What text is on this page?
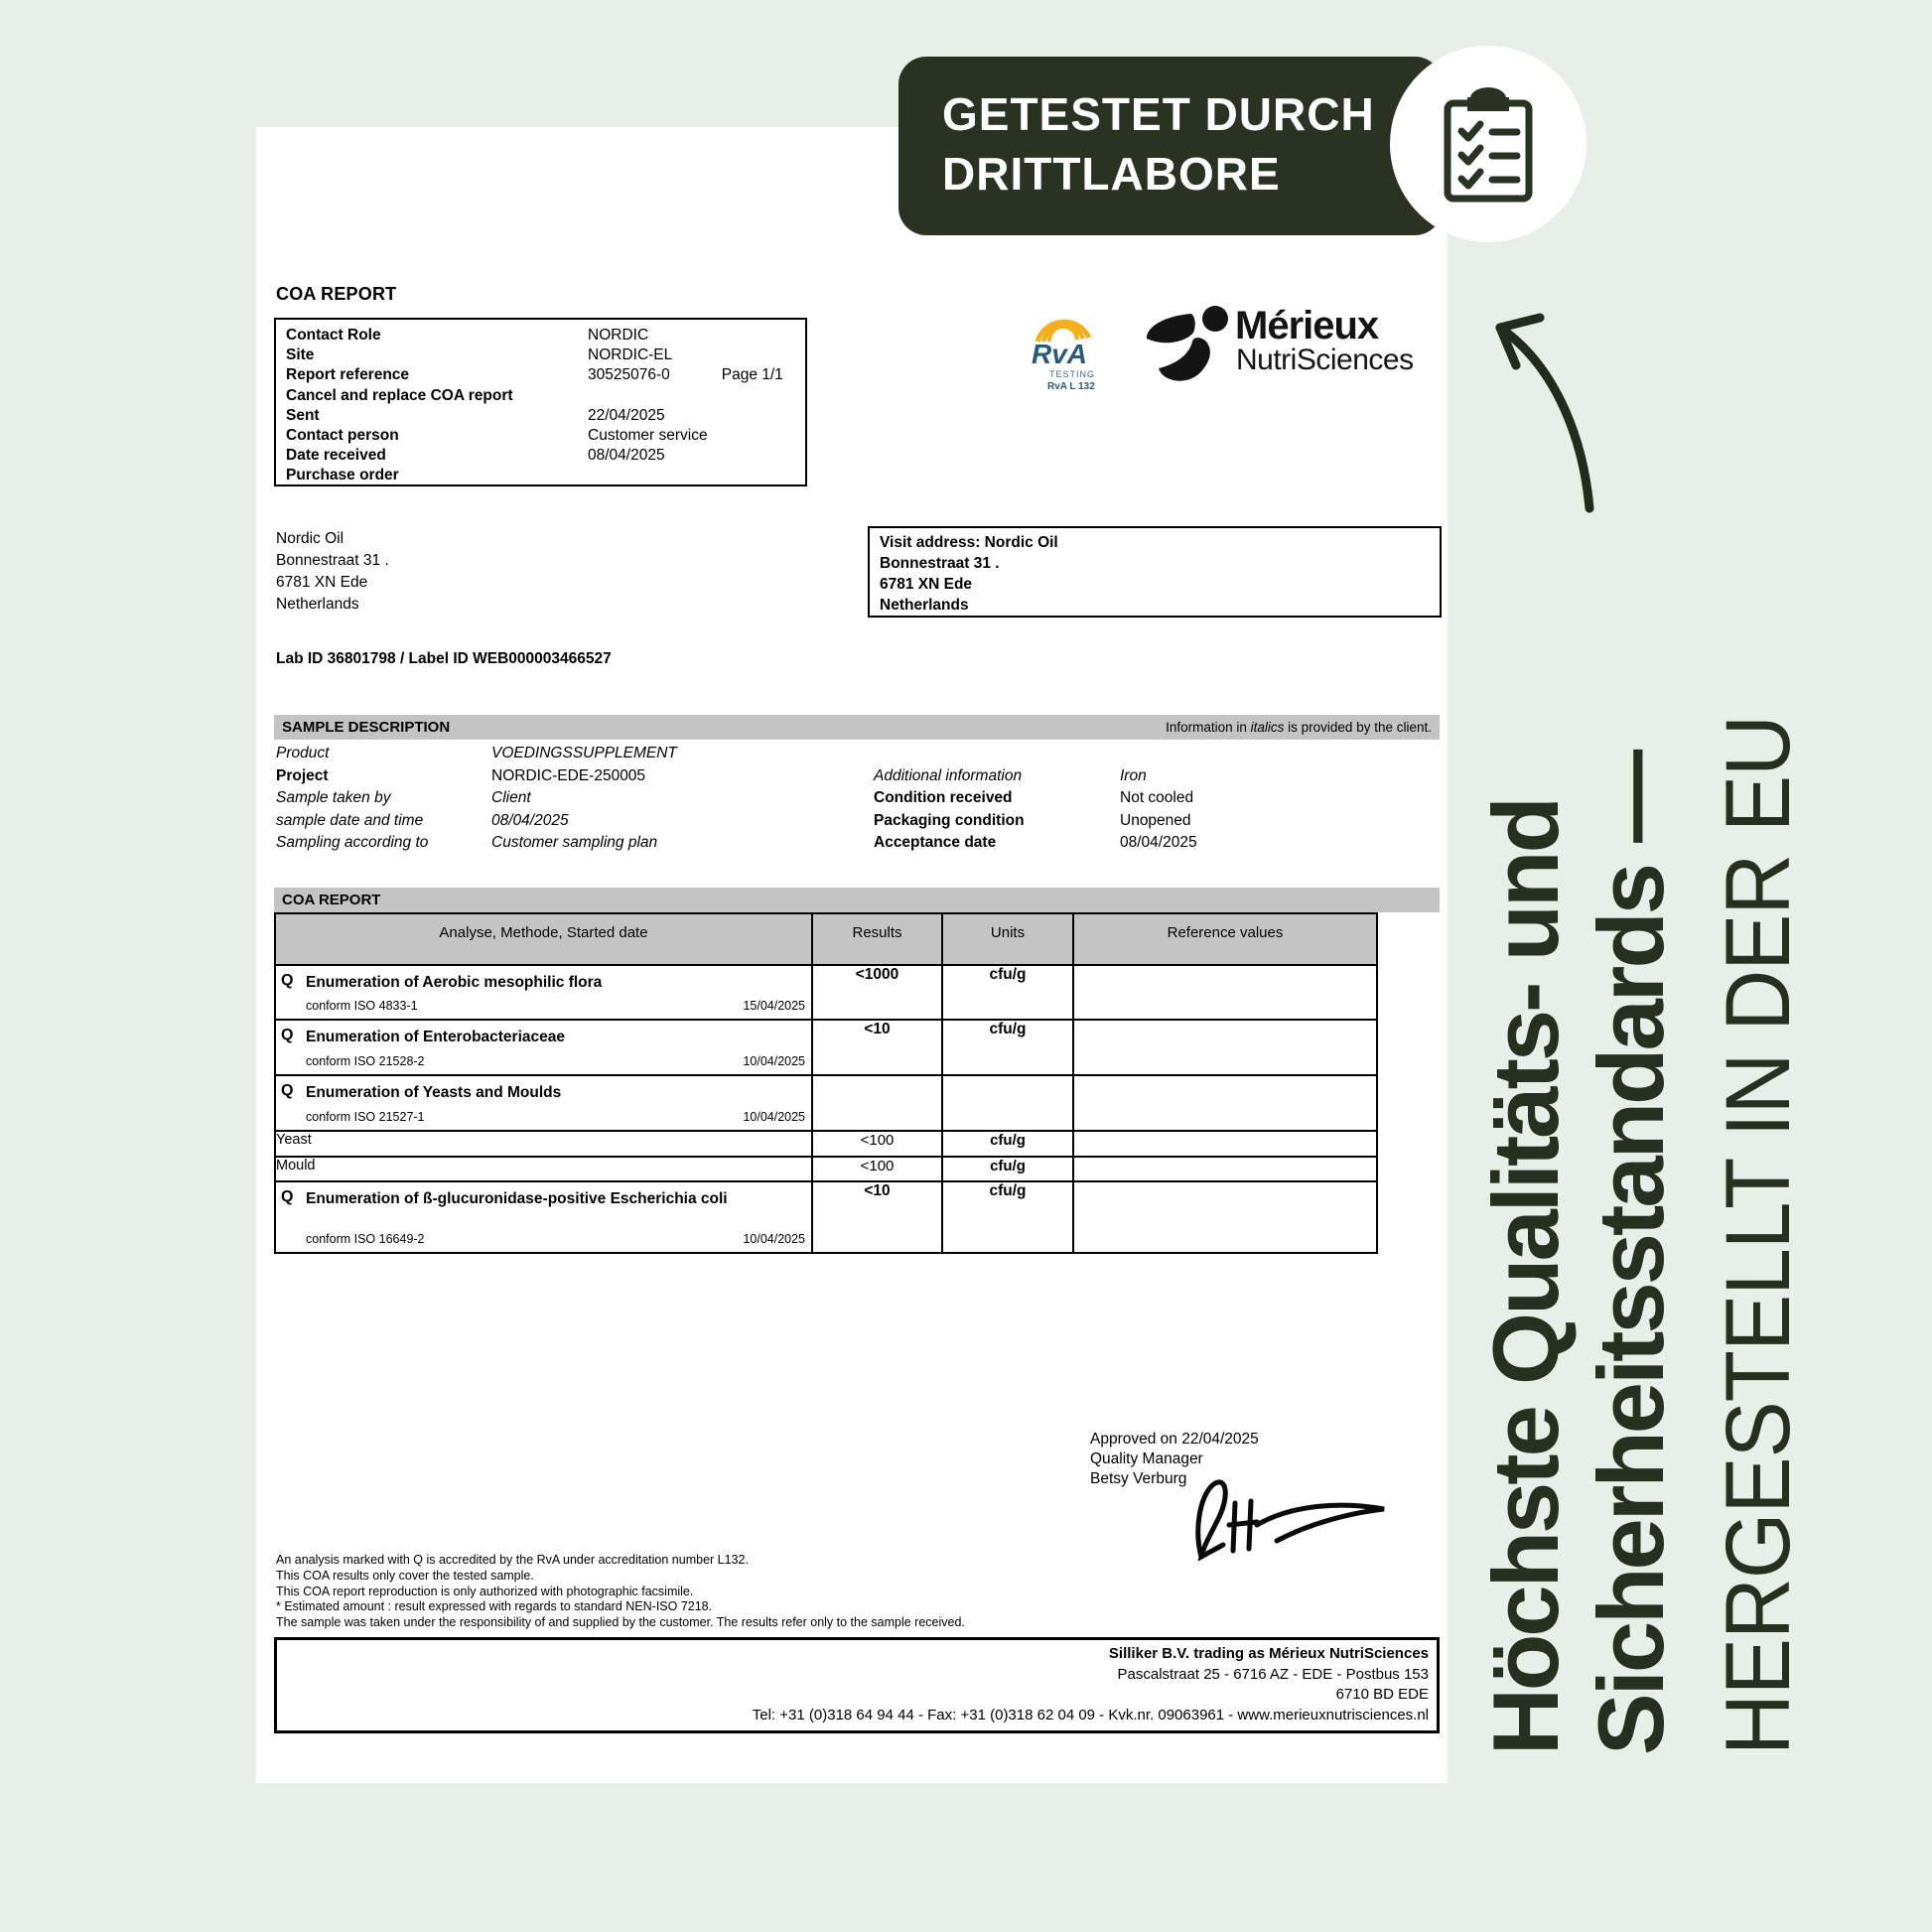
COA REPORT
Contact Role	NORDIC
Site	NORDIC-EL
Report reference	30525076-0	Page 1/1
Cancel and replace COA report
Sent	22/04/2025
Contact person	Customer service
Date received	08/04/2025
Purchase order
RvA
TESTING
RvA L 132
Mérieux
NutriSciences
Nordic Oil
Bonnestraat 31 .
6781 XN Ede
Netherlands
Visit address: Nordic Oil
Bonnestraat 31 .
6781 XN Ede
Netherlands
Lab ID 36801798 / Label ID WEB000003466527
SAMPLE DESCRIPTION	Information in italics is provided by the client.
Product	VOEDINGSSUPPLEMENT
Project	NORDIC-EDE-250005	Additional information	Iron
Sample taken by	Client	Condition received	Not cooled
sample date and time	08/04/2025	Packaging condition	Unopened
Sampling according to	Customer sampling plan	Acceptance date	08/04/2025
COA REPORT
Analyse, Methode, Started date	Results	Units	Reference values

Q Enumeration of Aerobic mesophilic flora
conform ISO 4833-1 15/04/2025	<1000	cfu/g	

Q Enumeration of Enterobacteriaceae
conform ISO 21528-2 10/04/2025	<10	cfu/g	

Q Enumeration of Yeasts and Moulds
conform ISO 21527-1 10/04/2025			

Yeast	<100	cfu/g	
Mould	<100	cfu/g	

Q Enumeration of ß-glucuronidase-positive Escherichia coli
conform ISO 16649-2 10/04/2025	<10	cfu/g	
Approved on 22/04/2025
Quality Manager
Betsy Verburg
An analysis marked with Q is accredited by the RvA under accreditation number L132.
This COA results only cover the tested sample.
This COA report reproduction is only authorized with photographic facsimile.
* Estimated amount : result expressed with regards to standard NEN-ISO 7218.
The sample was taken under the responsibility of and supplied by the customer. The results refer only to the sample received.
Silliker B.V. trading as Mérieux NutriSciences
Pascalstraat 25 - 6716 AZ - EDE - Postbus 153
6710 BD EDE
Tel: +31 (0)318 64 94 44 - Fax: +31 (0)318 62 04 09 - Kvk.nr. 09063961 - www.merieuxnutrisciences.nl
GETESTET DURCH
DRITTLABORE
Höchste Qualitäts- und Sicherheitsstandards — HERGESTELLT IN DER EU
